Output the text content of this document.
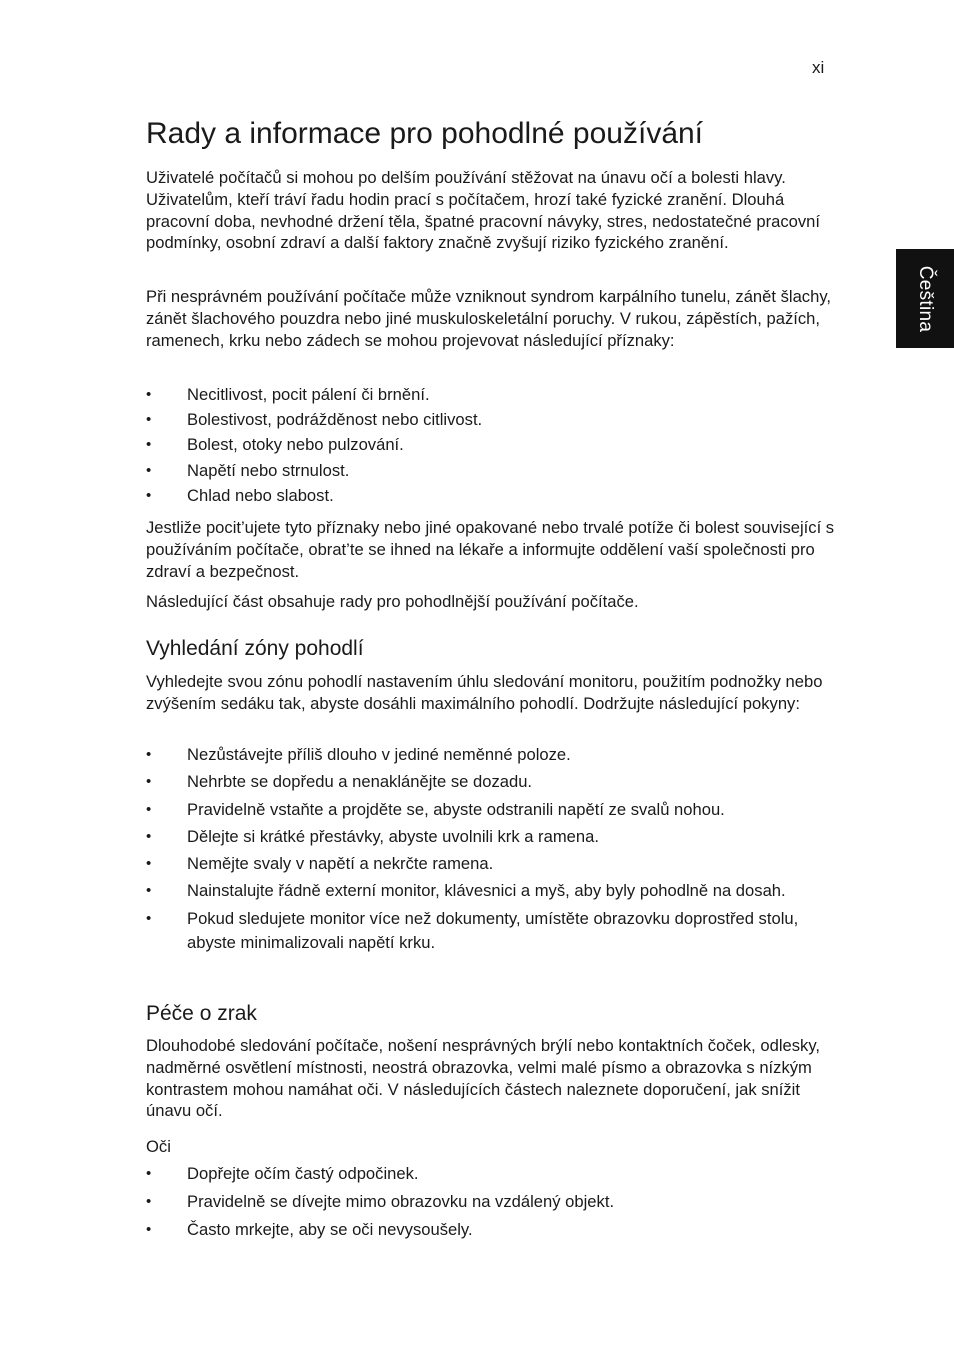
xi
Čeština
Rady a informace pro pohodlné používání

Uživatelé počítačů si mohou po delším používání stěžovat na únavu očí a bolesti hlavy. Uživatelům, kteří tráví řadu hodin prací s počítačem, hrozí také fyzické zranění. Dlouhá pracovní doba, nevhodné držení těla, špatné pracovní návyky, stres, nedostatečné pracovní podmínky, osobní zdraví a další faktory značně zvyšují riziko fyzického zranění.

Při nesprávném používání počítače může vzniknout syndrom karpálního tunelu, zánět šlachy, zánět šlachového pouzdra nebo jiné muskuloskeletální poruchy. V rukou, zápěstích, pažích, ramenech, krku nebo zádech se mohou projevovat následující příznaky:

• Necitlivost, pocit pálení či brnění.
• Bolestivost, podrážděnost nebo citlivost.
• Bolest, otoky nebo pulzování.
• Napětí nebo strnulost.
• Chlad nebo slabost.

Jestliže pocit’ujete tyto příznaky nebo jiné opakované nebo trvalé potíže či bolest související s používáním počítače, obrat’te se ihned na lékaře a informujte oddělení vaší společnosti pro zdraví a bezpečnost.

Následující část obsahuje rady pro pohodlnější používání počítače.

Vyhledání zóny pohodlí

Vyhledejte svou zónu pohodlí nastavením úhlu sledování monitoru, použitím podnožky nebo zvýšením sedáku tak, abyste dosáhli maximálního pohodlí. Dodržujte následující pokyny:

• Nezůstávejte příliš dlouho v jediné neměnné poloze.
• Nehrbte se dopředu a nenaklánějte se dozadu.
• Pravidelně vstaňte a projděte se, abyste odstranili napětí ze svalů nohou.
• Dělejte si krátké přestávky, abyste uvolnili krk a ramena.
• Nemějte svaly v napětí a nekrčte ramena.
• Nainstalujte řádně externí monitor, klávesnici a myš, aby byly pohodlně na dosah.
• Pokud sledujete monitor více než dokumenty, umístěte obrazovku doprostřed stolu, abyste minimalizovali napětí krku.
Péče o zrak

Dlouhodobé sledování počítače, nošení nesprávných brýlí nebo kontaktních čoček, odlesky, nadměrné osvětlení místnosti, neostrá obrazovka, velmi malé písmo a obrazovka s nízkým kontrastem mohou namáhat oči. V následujících částech naleznete doporučení, jak snížit únavu očí.

Oči

• Dopřejte očím častý odpočinek.
• Pravidelně se dívejte mimo obrazovku na vzdálený objekt.
• Často mrkejte, aby se oči nevysoušely.
